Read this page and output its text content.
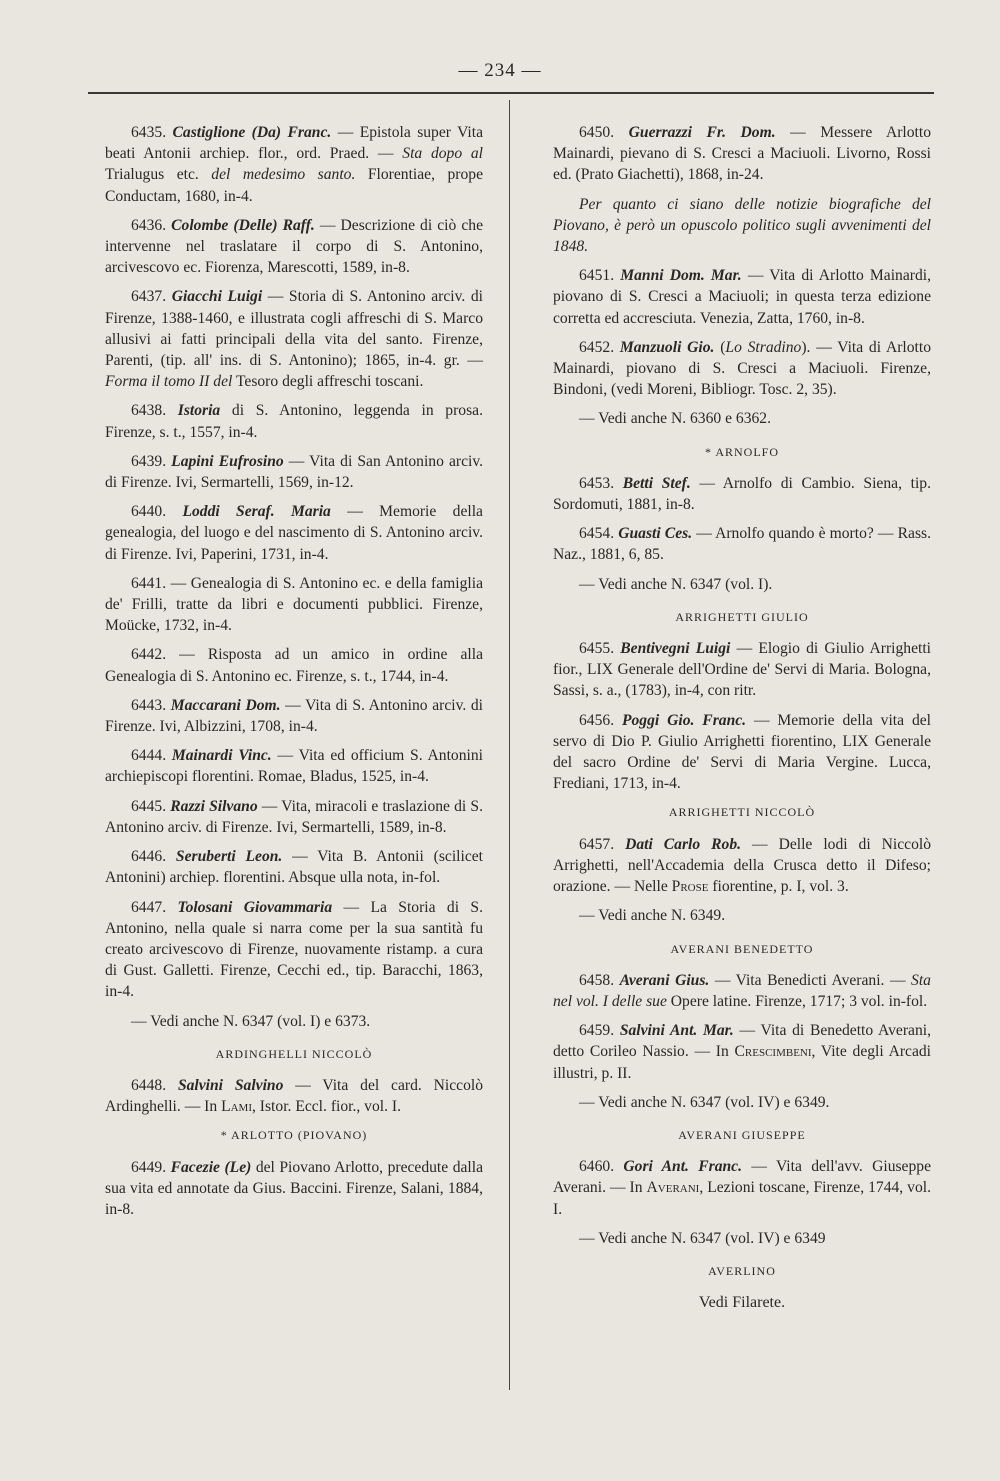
— 234 —

6435. Castiglione (Da) Franc. — Epistola super Vita beati Antonii archiep. flor., ord. Praed. — Sta dopo al Trialugus etc. del medesimo santo. Florentiae, prope Conductam, 1680, in-4.

6436. Colombe (Delle) Raff. — Descrizione di ciò che intervenne nel traslatare il corpo di S. Antonino, arcivescovo ec. Fiorenza, Marescotti, 1589, in-8.

6437. Giacchi Luigi — Storia di S. Antonino arciv. di Firenze, 1388-1460, e illustrata cogli affreschi di S. Marco allusivi ai fatti principali della vita del santo. Firenze, Parenti, (tip. all' ins. di S. Antonino); 1865, in-4. gr. — Forma il tomo II del Tesoro degli affreschi toscani.

6438. Istoria di S. Antonino, leggenda in prosa. Firenze, s. t., 1557, in-4.

6439. Lapini Eufrosino — Vita di San Antonino arciv. di Firenze. Ivi, Sermartelli, 1569, in-12.

6440. Loddi Seraf. Maria — Memorie della genealogia, del luogo e del nascimento di S. Antonino arciv. di Firenze. Ivi, Paperini, 1731, in-4.

6441. — Genealogia di S. Antonino ec. e della famiglia de' Frilli, tratte da libri e documenti pubblici. Firenze, Moücke, 1732, in-4.

6442. — Risposta ad un amico in ordine alla Genealogia di S. Antonino ec. Firenze, s. t., 1744, in-4.

6443. Maccarani Dom. — Vita di S. Antonino arciv. di Firenze. Ivi, Albizzini, 1708, in-4.

6444. Mainardi Vinc. — Vita ed officium S. Antonini archiepiscopi florentini. Romae, Bladus, 1525, in-4.

6445. Razzi Silvano — Vita, miracoli e traslazione di S. Antonino arciv. di Firenze. Ivi, Sermartelli, 1589, in-8.

6446. Seruberti Leon. — Vita B. Antonii (scilicet Antonini) archiep. florentini. Absque ulla nota, in-fol.

6447. Tolosani Giovammaria — La Storia di S. Antonino, nella quale si narra come per la sua santità fu creato arcivescovo di Firenze, nuovamente ristamp. a cura di Gust. Galletti. Firenze, Cecchi ed., tip. Baracchi, 1863, in-4.

— Vedi anche N. 6347 (vol. I) e 6373.

ARDINGHELLI NICCOLÒ

6448. Salvini Salvino — Vita del card. Niccolò Ardinghelli. — In Lami, Istor. Eccl. fior., vol. I.

* ARLOTTO (PIOVANO)

6449. Facezie (Le) del Piovano Arlotto, precedute dalla sua vita ed annotate da Gius. Baccini. Firenze, Salani, 1884, in-8.

6450. Guerrazzi Fr. Dom. — Messere Arlotto Mainardi, pievano di S. Cresci a Maciuoli. Livorno, Rossi ed. (Prato Giachetti), 1868, in-24.

Per quanto ci siano delle notizie biografiche del Piovano, è però un opuscolo politico sugli avvenimenti del 1848.

6451. Manni Dom. Mar. — Vita di Arlotto Mainardi, piovano di S. Cresci a Maciuoli; in questa terza edizione corretta ed accresciuta. Venezia, Zatta, 1760, in-8.

6452. Manzuoli Gio. (Lo Stradino). — Vita di Arlotto Mainardi, piovano di S. Cresci a Maciuoli. Firenze, Bindoni, (vedi Moreni, Bibliogr. Tosc. 2, 35).

— Vedi anche N. 6360 e 6362.

* ARNOLFO

6453. Betti Stef. — Arnolfo di Cambio. Siena, tip. Sordomuti, 1881, in-8.

6454. Guasti Ces. — Arnolfo quando è morto? — Rass. Naz., 1881, 6, 85.

— Vedi anche N. 6347 (vol. I).

ARRIGHETTI GIULIO

6455. Bentivegni Luigi — Elogio di Giulio Arrighetti fior., LIX Generale dell'Ordine de' Servi di Maria. Bologna, Sassi, s. a., (1783), in-4, con ritr.

6456. Poggi Gio. Franc. — Memorie della vita del servo di Dio P. Giulio Arrighetti fiorentino, LIX Generale del sacro Ordine de' Servi di Maria Vergine. Lucca, Frediani, 1713, in-4.

ARRIGHETTI NICCOLÒ

6457. Dati Carlo Rob. — Delle lodi di Niccolò Arrighetti, nell'Accademia della Crusca detto il Difeso; orazione. — Nelle Prose fiorentine, p. I, vol. 3.

— Vedi anche N. 6349.

AVERANI BENEDETTO

6458. Averani Gius. — Vita Benedicti Averani. — Sta nel vol. I delle sue Opere latine. Firenze, 1717; 3 vol. in-fol.

6459. Salvini Ant. Mar. — Vita di Benedetto Averani, detto Corileo Nassio. — In Crescimbeni, Vite degli Arcadi illustri, p. II.

— Vedi anche N. 6347 (vol. IV) e 6349.

AVERANI GIUSEPPE

6460. Gori Ant. Franc. — Vita dell'avv. Giuseppe Averani. — In Averani, Lezioni toscane, Firenze, 1744, vol. I.

— Vedi anche N. 6347 (vol. IV) e 6349

AVERLINO

Vedi Filarete.
